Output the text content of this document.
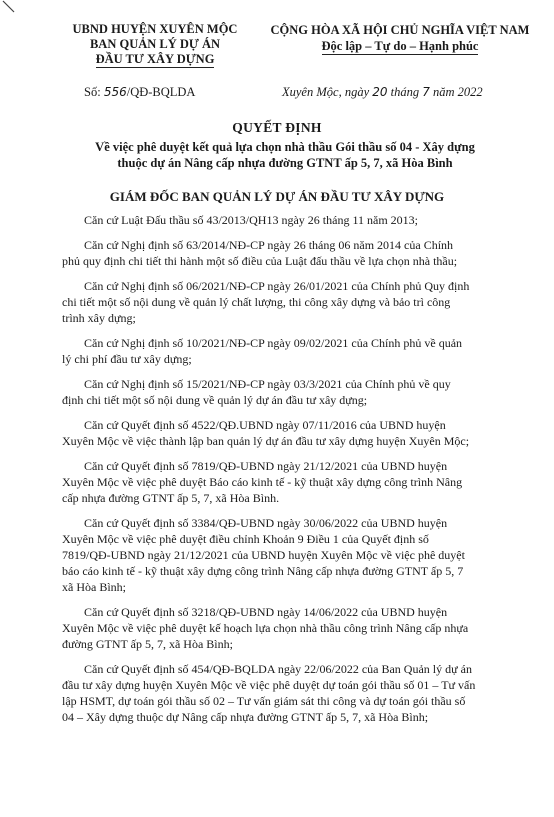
UBND HUYỆN XUYÊN MỘC
BAN QUẢN LÝ DỰ ÁN
ĐẦU TƯ XÂY DỰNG
Số: 556/QĐ-BQLDA
CỘNG HÒA XÃ HỘI CHỦ NGHĨA VIỆT NAM
Độc lập – Tự do – Hạnh phúc
Xuyên Mộc, ngày 20 tháng 7 năm 2022
QUYẾT ĐỊNH
Về việc phê duyệt kết quả lựa chọn nhà thầu Gói thầu số 04 - Xây dựng
thuộc dự án Nâng cấp nhựa đường GTNT ấp 5, 7, xã Hòa Bình
GIÁM ĐỐC BAN QUẢN LÝ DỰ ÁN ĐẦU TƯ XÂY DỰNG
Căn cứ Luật Đấu thầu số 43/2013/QH13 ngày 26 tháng 11 năm 2013;
Căn cứ Nghị định số 63/2014/NĐ-CP ngày 26 tháng 06 năm 2014 của Chính
phủ quy định chi tiết thi hành một số điều của Luật đấu thầu về lựa chọn nhà thầu;
Căn cứ Nghị định số 06/2021/NĐ-CP ngày 26/01/2021 của Chính phủ Quy định
chi tiết một số nội dung về quản lý chất lượng, thi công xây dựng và bảo trì công
trình xây dựng;
Căn cứ Nghị định số 10/2021/NĐ-CP ngày 09/02/2021 của Chính phủ về quản
lý chi phí đầu tư xây dựng;
Căn cứ Nghị định số 15/2021/NĐ-CP ngày 03/3/2021 của Chính phủ về quy
định chi tiết một số nội dung về quản lý dự án đầu tư xây dựng;
Căn cứ Quyết định số 4522/QĐ.UBND ngày 07/11/2016 của UBND huyện
Xuyên Mộc về việc thành lập ban quản lý dự án đầu tư xây dựng huyện Xuyên Mộc;
Căn cứ Quyết định số 7819/QĐ-UBND ngày 21/12/2021 của UBND huyện
Xuyên Mộc về việc phê duyệt Báo cáo kinh tế - kỹ thuật xây dựng công trình Nâng
cấp nhựa đường GTNT ấp 5, 7, xã Hòa Bình.
Căn cứ Quyết định số 3384/QĐ-UBND ngày 30/06/2022 của UBND huyện
Xuyên Mộc về việc phê duyệt điều chỉnh Khoản 9 Điều 1 của Quyết định số
7819/QĐ-UBND ngày 21/12/2021 của UBND huyện Xuyên Mộc về việc phê duyệt
báo cáo kinh tế - kỹ thuật xây dựng công trình Nâng cấp nhựa đường GTNT ấp 5, 7
xã Hòa Bình;
Căn cứ Quyết định số 3218/QĐ-UBND ngày 14/06/2022 của UBND huyện
Xuyên Mộc về việc phê duyệt kế hoạch lựa chọn nhà thầu công trình Nâng cấp nhựa
đường GTNT ấp 5, 7, xã Hòa Bình;
Căn cứ Quyết định số 454/QĐ-BQLDA ngày 22/06/2022 của Ban Quản lý dự án
đầu tư xây dựng huyện Xuyên Mộc về việc phê duyệt dự toán gói thầu số 01 – Tư vấn
lập HSMT, dự toán gói thầu số 02 – Tư vấn giám sát thi công và dự toán gói thầu số
04 – Xây dựng thuộc dự Nâng cấp nhựa đường GTNT ấp 5, 7, xã Hòa Bình;
